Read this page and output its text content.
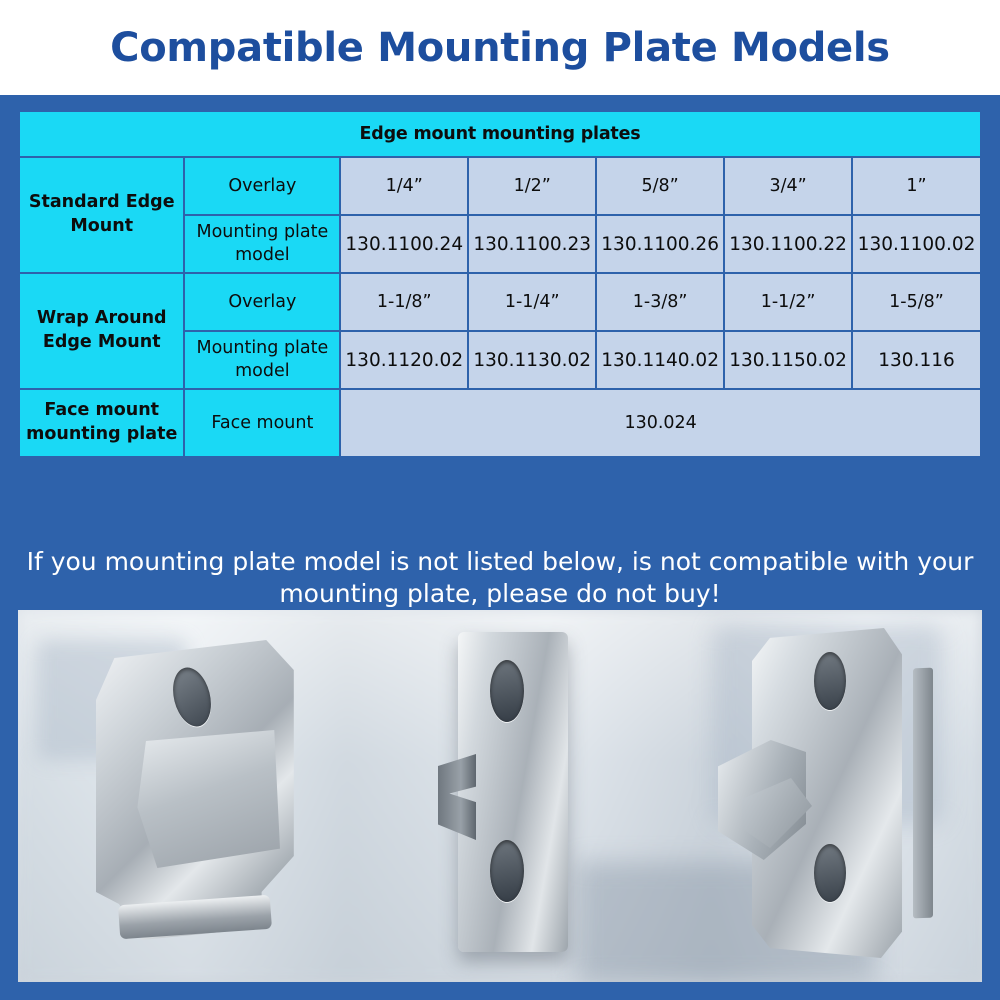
Compatible Mounting Plate Models
Edge mount mounting plates						
Standard Edge Mount	Overlay	1/4”	1/2”	5/8”	3/4”	1”
	Mounting plate model	130.1100.24	130.1100.23	130.1100.26	130.1100.22	130.1100.02
Wrap Around Edge Mount	Overlay	1-1/8”	1-1/4”	1-3/8”	1-1/2”	1-5/8”
	Mounting plate model	130.1120.02	130.1130.02	130.1140.02	130.1150.02	130.116
Face mount mounting plate	Face mount	130.024				
If you mounting plate model is not listed below, is not compatible with your mounting plate, please do not buy!
